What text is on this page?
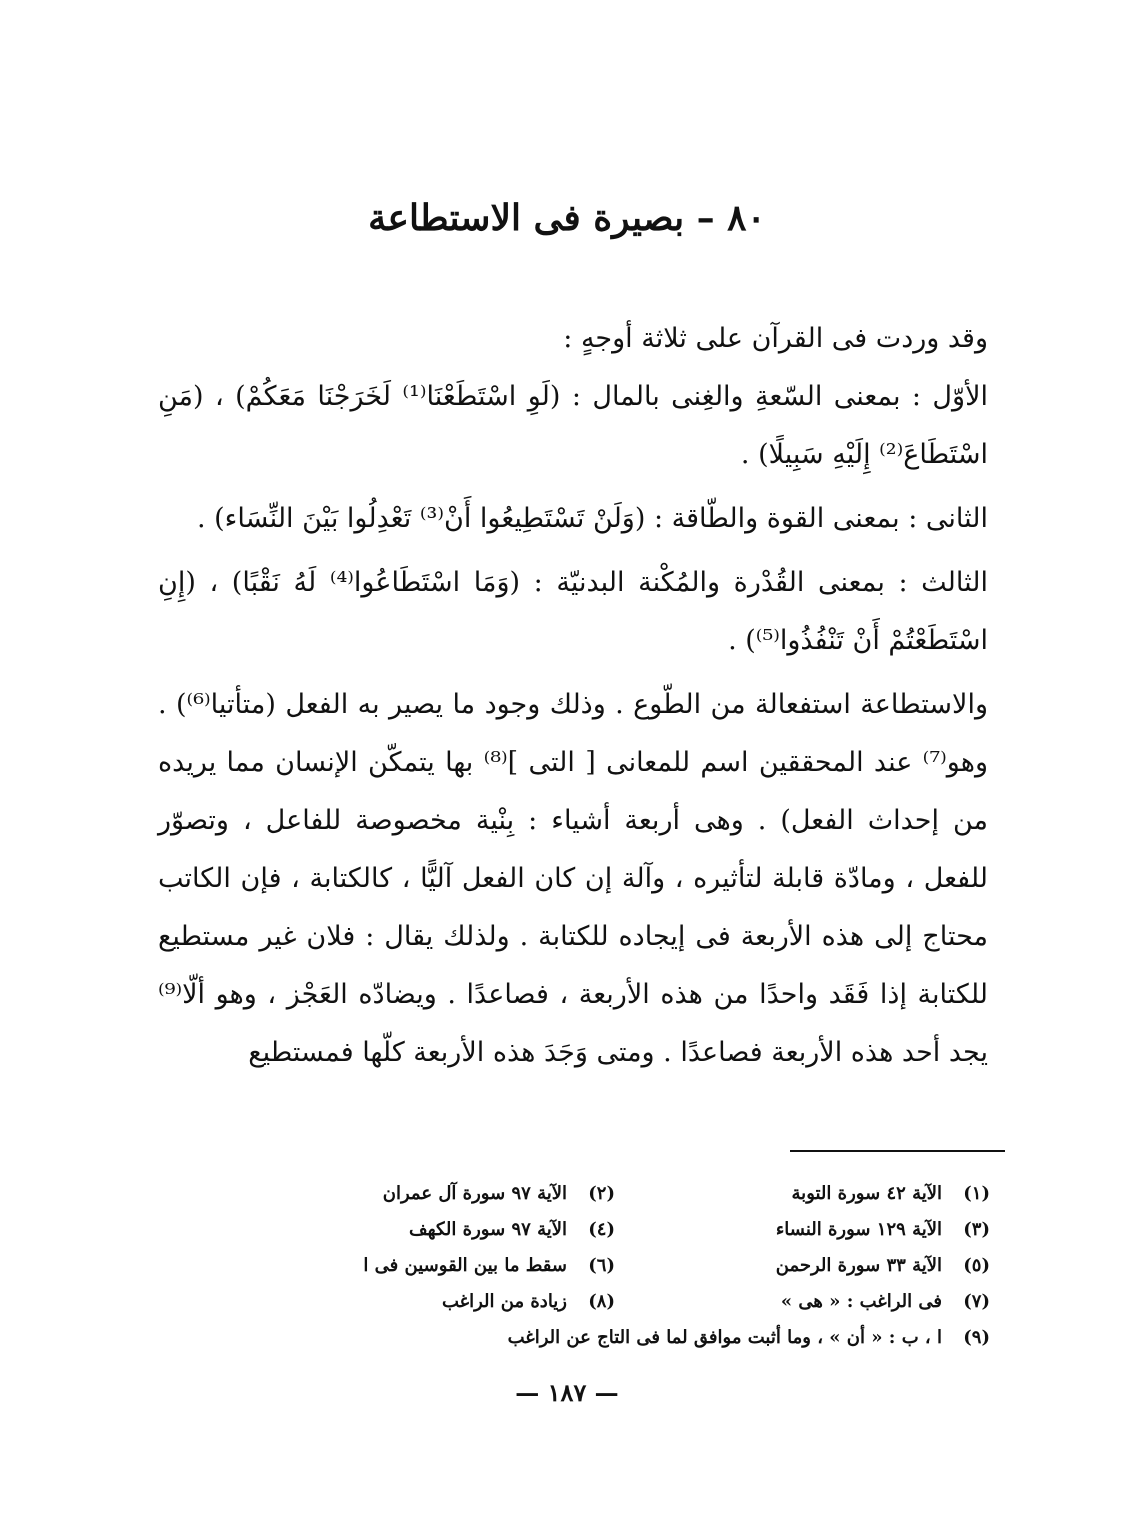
٨٠ – بصيرة فى الاستطاعة

وقد وردت فى القرآن على ثلاثة أوجهٍ :

الأوّل : بمعنى السّعةِ والغِنى بالمال : (لَوِ اسْتَطَعْنَا⁽¹⁾ لَخَرَجْنَا مَعَكُمْ) ، (مَنِ اسْتَطَاعَ⁽²⁾ إِلَيْهِ سَبِيلًا) .

الثانى : بمعنى القوة والطّاقة : (وَلَنْ تَسْتَطِيعُوا أَنْ⁽³⁾ تَعْدِلُوا بَيْنَ النِّسَاء) .

الثالث : بمعنى القُدْرة والمُكْنة البدنيّة : (وَمَا اسْتَطَاعُوا⁽⁴⁾ لَهُ نَقْبًا) ، (إِنِ اسْتَطَعْتُمْ أَنْ تَنْفُذُوا⁽⁵⁾) .

والاستطاعة استفعالة من الطّوع . وذلك وجود ما يصير به الفعل (متأتيا⁽⁶⁾) . وهو⁽⁷⁾ عند المحققين اسم للمعانى [ التى ]⁽⁸⁾ بها يتمكّن الإنسان مما يريده من إحداث الفعل) . وهى أربعة أشياء : بِنْية مخصوصة للفاعل ، وتصوّر للفعل ، ومادّة قابلة لتأثيره ، وآلة إن كان الفعل آليًّا ، كالكتابة ، فإن الكاتب محتاج إلى هذه الأربعة فى إيجاده للكتابة . ولذلك يقال : فلان غير مستطيع للكتابة إذا فَقَد واحدًا من هذه الأربعة ، فصاعدًا . ويضادّه العَجْز ، وهو ألّا⁽⁹⁾ يجد أحد هذه الأربعة فصاعدًا . ومتى وَجَدَ هذه الأربعة كلّها فمستطيع

(١)
الآية ٤٢ سورة التوبة
(٢)
الآية ٩٧ سورة آل عمران
(٣)
الآية ١٢٩ سورة النساء
(٤)
الآية ٩٧ سورة الكهف
(٥)
الآية ٣٣ سورة الرحمن
(٦)
سقط ما بين القوسين فى ا
(٧)
فى الراغب : « هى »
(٨)
زيادة من الراغب
(٩)
ا ، ب : « أن » ، وما أثبت موافق لما فى التاج عن الراغب
— ١٨٧ —
